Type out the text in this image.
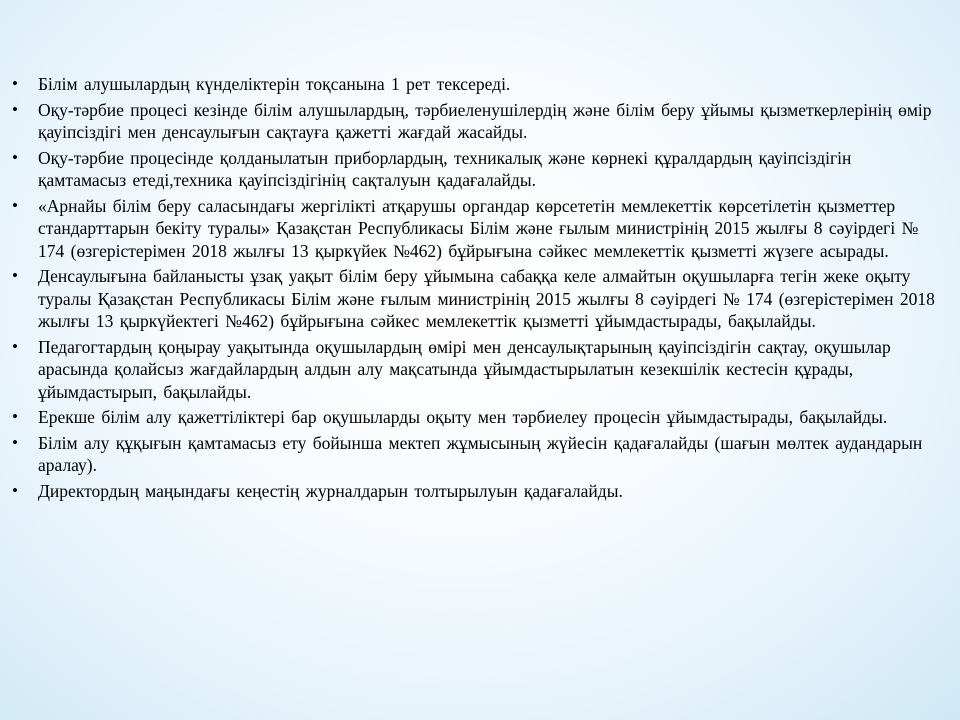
• Білім алушылардың күнделіктерін тоқсанына 1 рет тексереді.
• Оқу-тәрбие процесі кезінде білім алушылардың, тәрбиеленушілердің және білім беру ұйымы қызметкерлерінің өмір қауіпсіздігі мен денсаулығын сақтауға қажетті жағдай жасайды.
• Оқу-тәрбие процесінде қолданылатын приборлардың, техникалық және көрнекі құралдардың қауіпсіздігін қамтамасыз етеді,техника қауіпсіздігінің сақталуын қадағалайды.
• «Арнайы білім беру саласындағы жергілікті атқарушы органдар көрсететін мемлекеттік көрсетілетін қызметтер стандарттарын бекіту туралы» Қазақстан Республикасы Білім және ғылым министрінің 2015 жылғы 8 сәуірдегі № 174 (өзгерістерімен 2018 жылғы 13 қыркүйек №462) бұйрығына сәйкес мемлекеттік қызметті жүзеге асырады.
• Денсаулығына байланысты ұзақ уақыт білім беру ұйымына сабаққа келе алмайтын оқушыларға тегін жеке оқыту туралы Қазақстан Республикасы Білім және ғылым министрінің 2015 жылғы 8 сәуірдегі № 174 (өзгерістерімен 2018 жылғы 13 қыркүйектегі №462) бұйрығына сәйкес мемлекеттік қызметті ұйымдастырады, бақылайды.
• Педагогтардың қоңырау уақытында оқушылардың өмірі мен денсаулықтарының қауіпсіздігін сақтау, оқушылар арасында қолайсыз жағдайлардың алдын алу мақсатында ұйымдастырылатын кезекшілік кестесін құрады, ұйымдастырып, бақылайды.
• Ерекше білім алу қажеттіліктері бар оқушыларды оқыту мен тәрбиелеу процесін ұйымдастырады, бақылайды.
• Білім алу құқығын қамтамасыз ету бойынша мектеп жұмысының жүйесін қадағалайды (шағын мөлтек аудандарын аралау).
• Директордың маңындағы кеңестің журналдарын толтырылуын қадағалайды.
